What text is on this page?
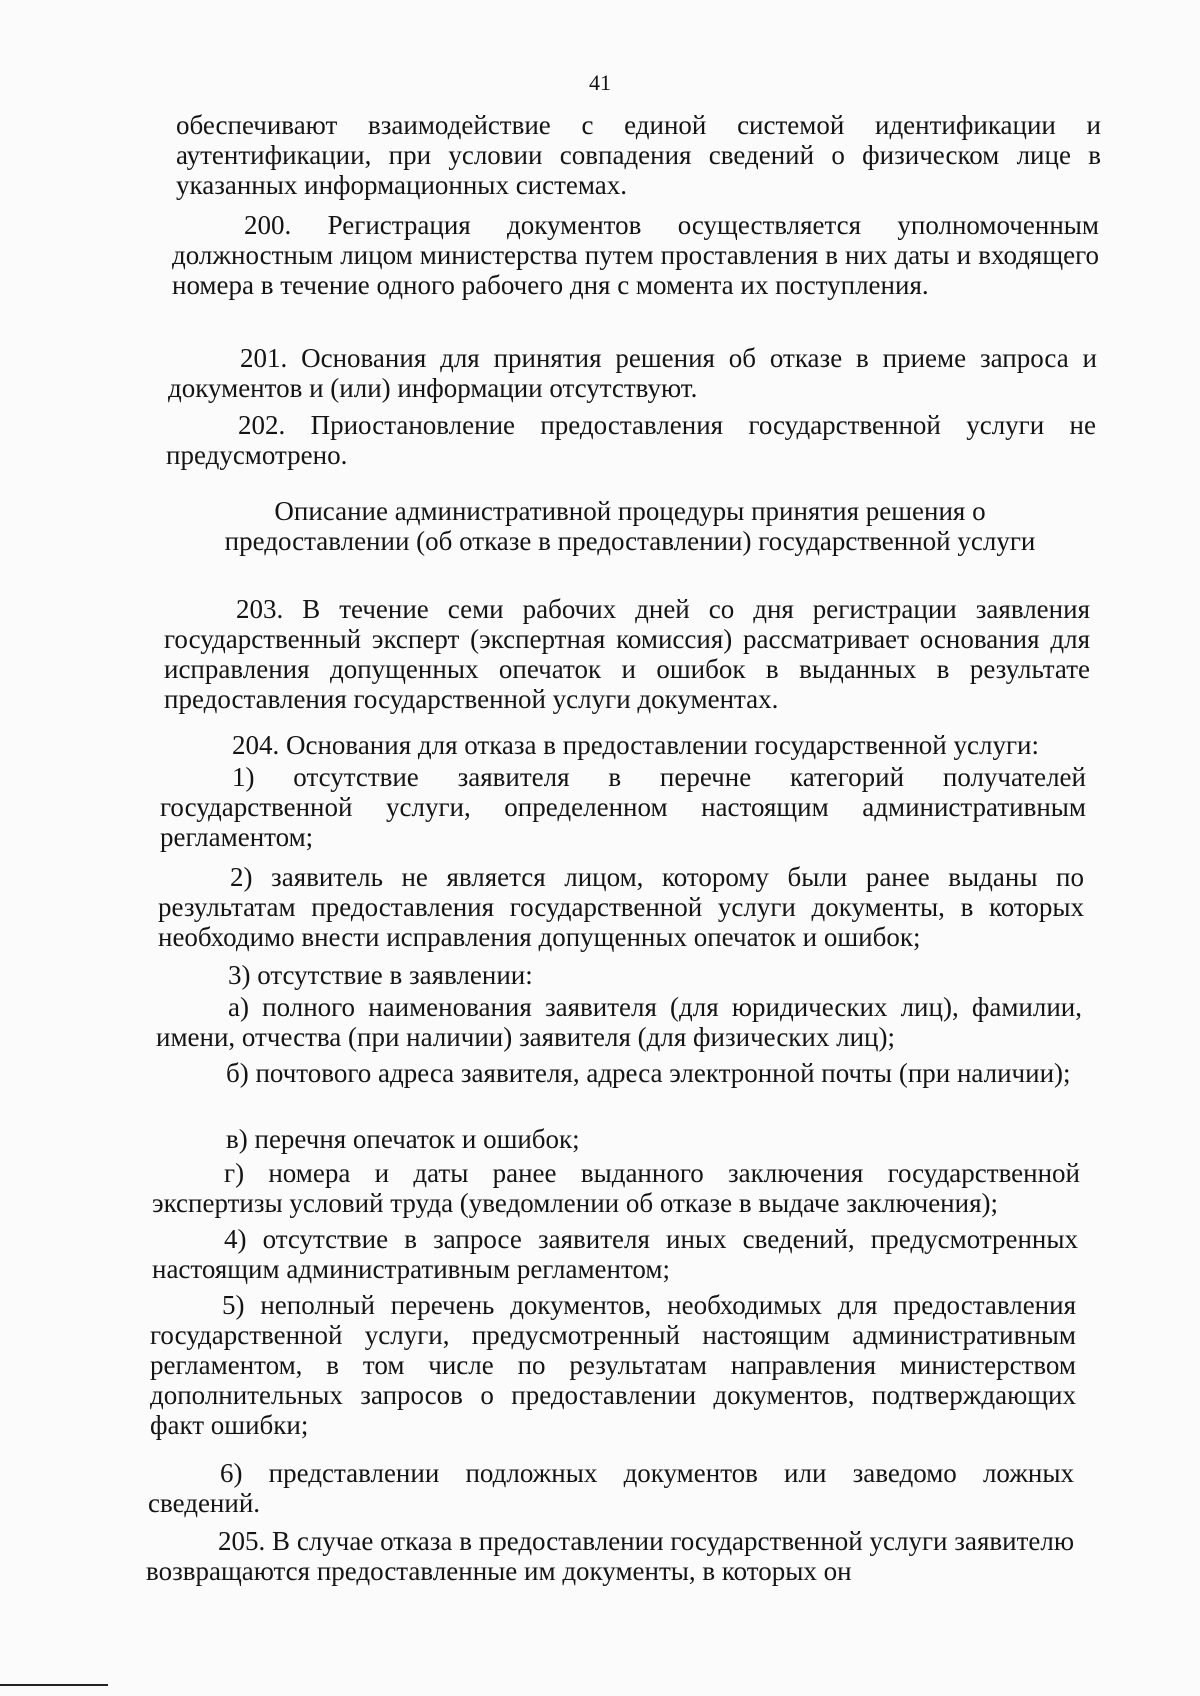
41
обеспечивают взаимодействие с единой системой идентификации и аутентификации, при условии совпадения сведений о физическом лице в указанных информационных системах.
200. Регистрация документов осуществляется уполномоченным должностным лицом министерства путем проставления в них даты и входящего номера в течение одного рабочего дня с момента их поступления.
201. Основания для принятия решения об отказе в приеме запроса и документов и (или) информации отсутствуют.
202. Приостановление предоставления государственной услуги не предусмотрено.
Описание административной процедуры принятия решения о
предоставлении (об отказе в предоставлении) государственной услуги
203. В течение семи рабочих дней со дня регистрации заявления государственный эксперт (экспертная комиссия) рассматривает основания для исправления допущенных опечаток и ошибок в выданных в результате предоставления государственной услуги документах.
204. Основания для отказа в предоставлении государственной услуги:
1) отсутствие заявителя в перечне категорий получателей государственной услуги, определенном настоящим административным регламентом;
2) заявитель не является лицом, которому были ранее выданы по результатам предоставления государственной услуги документы, в которых необходимо внести исправления допущенных опечаток и ошибок;
3) отсутствие в заявлении:
а) полного наименования заявителя (для юридических лиц), фамилии, имени, отчества (при наличии) заявителя (для физических лиц);
б) почтового адреса заявителя, адреса электронной почты (при наличии);
в) перечня опечаток и ошибок;
г) номера и даты ранее выданного заключения государственной экспертизы условий труда (уведомлении об отказе в выдаче заключения);
4) отсутствие в запросе заявителя иных сведений, предусмотренных настоящим административным регламентом;
5) неполный перечень документов, необходимых для предоставления государственной услуги, предусмотренный настоящим административным регламентом, в том числе по результатам направления министерством дополнительных запросов о предоставлении документов, подтверждающих факт ошибки;
6) представлении подложных документов или заведомо ложных сведений.
205. В случае отказа в предоставлении государственной услуги заявителю возвращаются предоставленные им документы, в которых он
